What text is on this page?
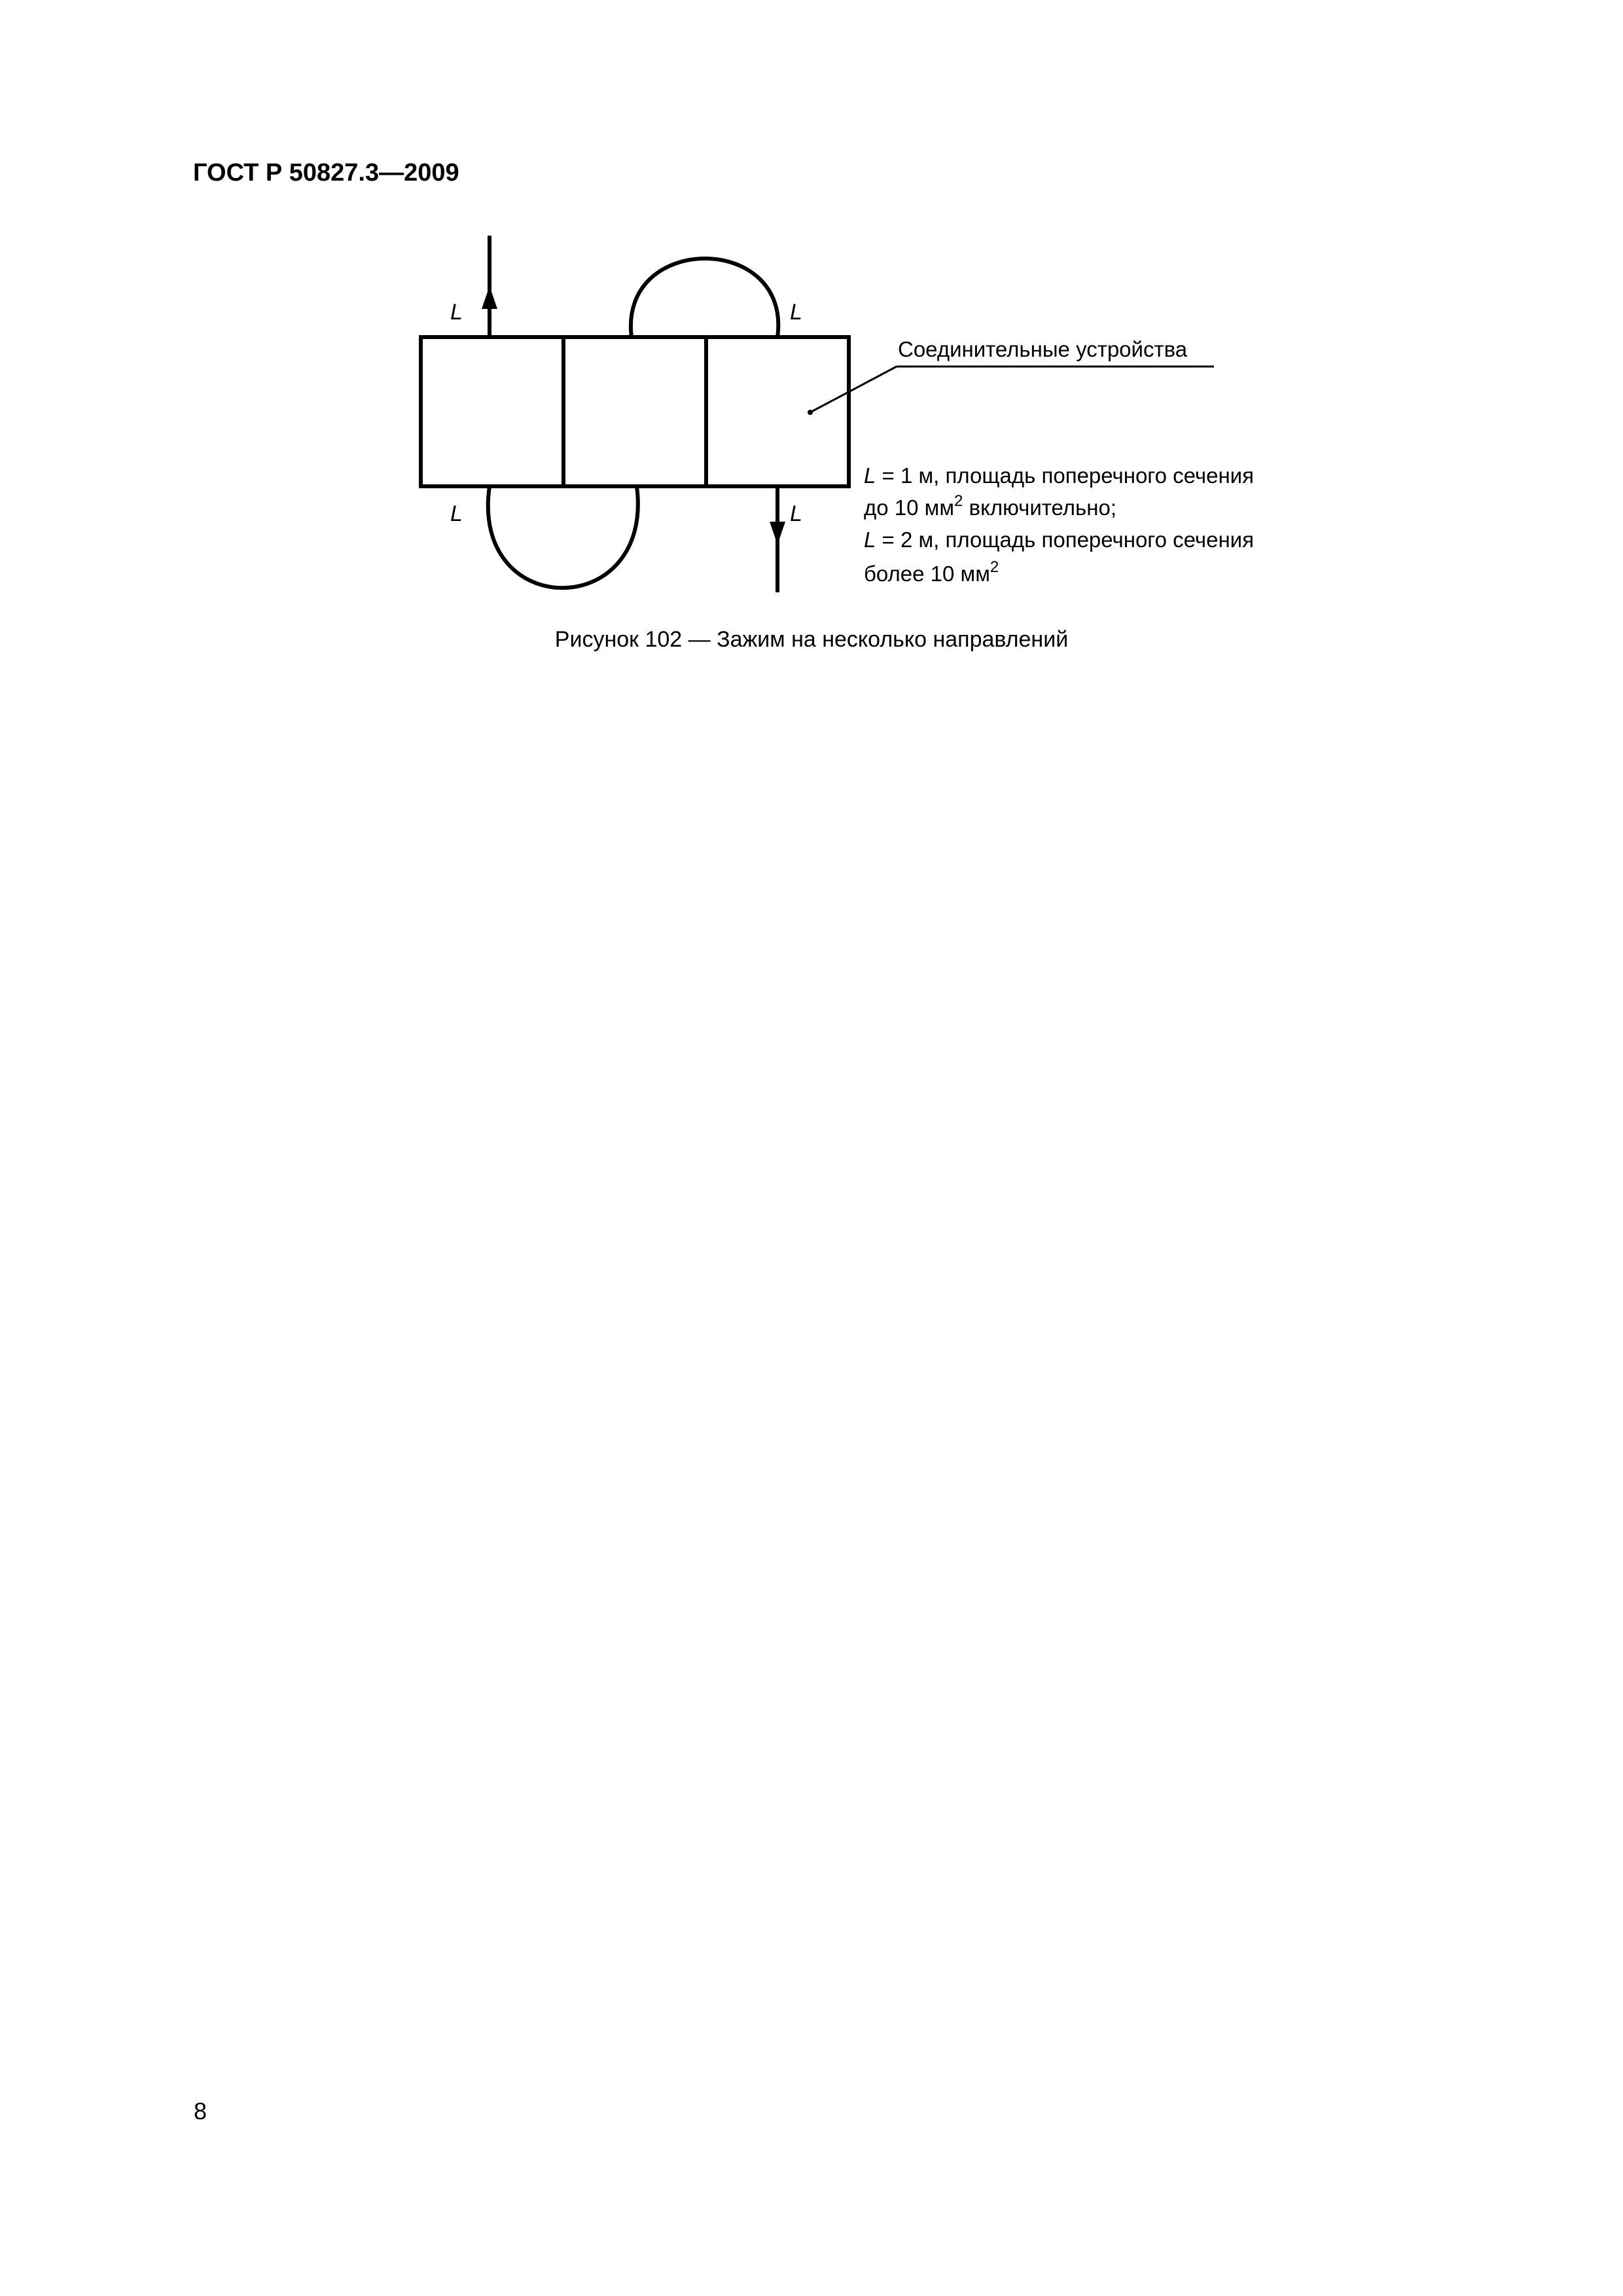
ГОСТ Р 50827.3—2009
L	L
L	L
Соединительные устройства
L = 1 м, площадь поперечного сечения
до 10 $мм^2$ включительно;
L = 2 м, площадь поперечного сечения
более 10 $мм^2$
Рисунок 102 — Зажим на несколько направлений
8
